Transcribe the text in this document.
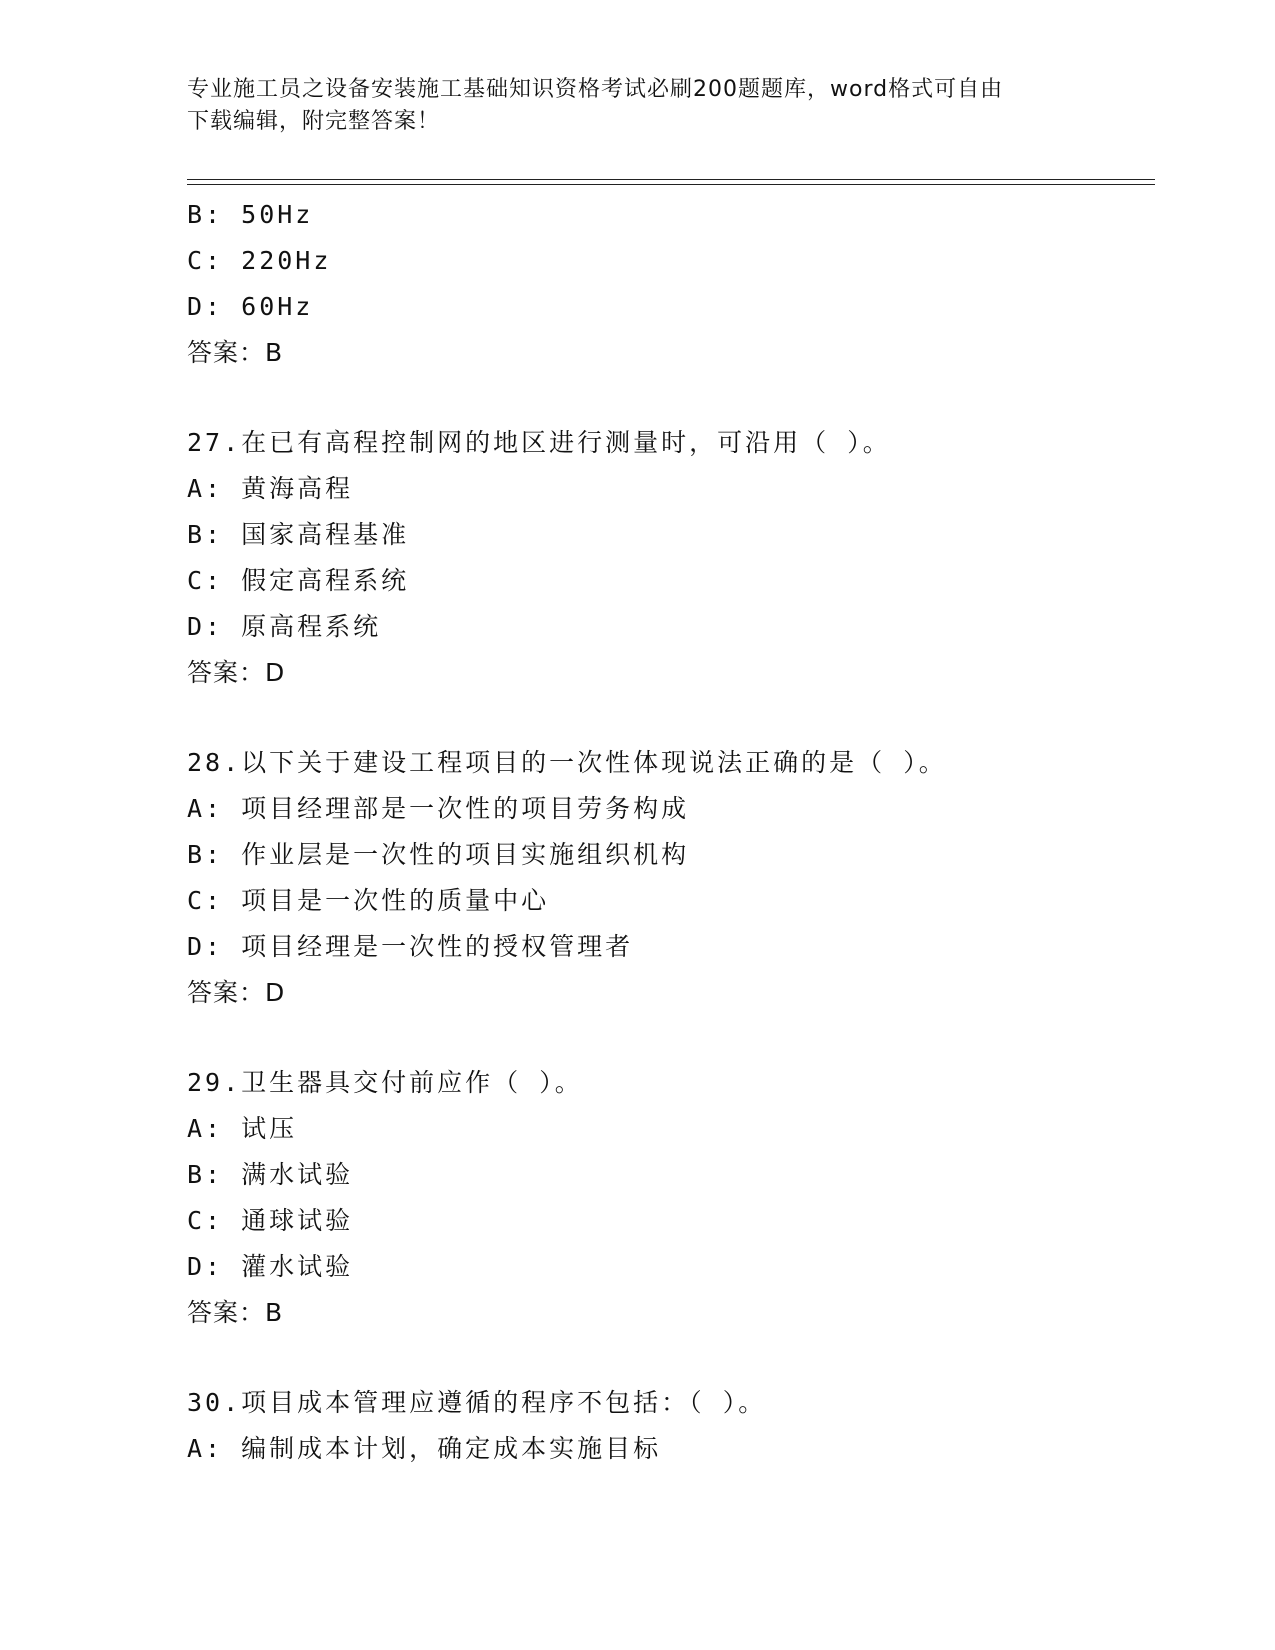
专业施工员之设备安装施工基础知识资格考试必刷200题题库，word格式可自由
下载编辑，附完整答案！
B: 50Hz
C: 220Hz
D: 60Hz
答案：B
27.在已有高程控制网的地区进行测量时，可沿用（ ）。
A: 黄海高程
B: 国家高程基准
C: 假定高程系统
D: 原高程系统
答案：D
28.以下关于建设工程项目的一次性体现说法正确的是（ ）。
A: 项目经理部是一次性的项目劳务构成
B: 作业层是一次性的项目实施组织机构
C: 项目是一次性的质量中心
D: 项目经理是一次性的授权管理者
答案：D
29.卫生器具交付前应作（ ）。
A: 试压
B: 满水试验
C: 通球试验
D: 灌水试验
答案：B
30.项目成本管理应遵循的程序不包括：（ ）。
A: 编制成本计划，确定成本实施目标
